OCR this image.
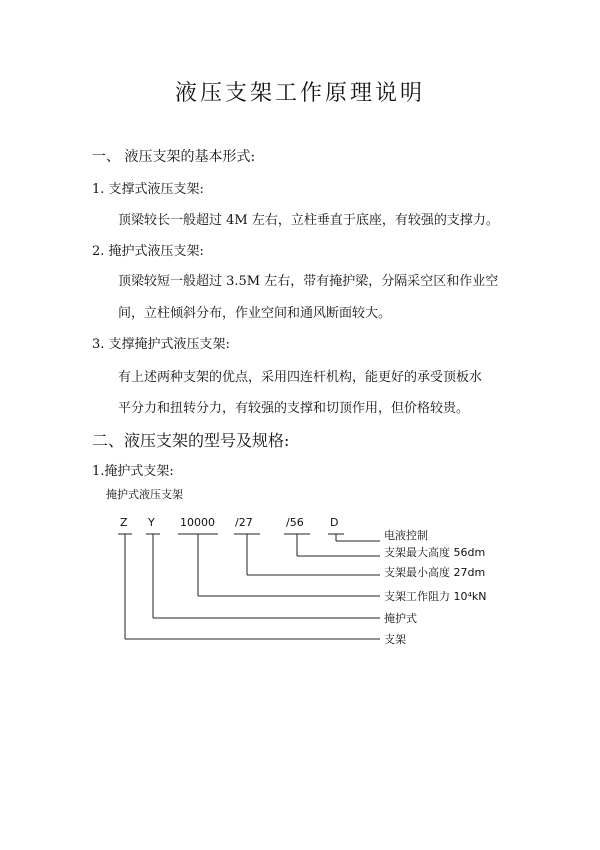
液压支架工作原理说明
一、 液压支架的基本形式:
1. 支撑式液压支架:
顶梁较长一般超过 4M 左右，立柱垂直于底座，有较强的支撑力。
2. 掩护式液压支架:
顶梁较短一般超过 3.5M 左右，带有掩护梁，分隔采空区和作业空
间，立柱倾斜分布，作业空间和通风断面较大。
3. 支撑掩护式液压支架:
有上述两种支架的优点，采用四连杆机构，能更好的承受顶板水
平分力和扭转分力，有较强的支撑和切顶作用，但价格较贵。
二、液压支架的型号及规格:
1.掩护式支架:
掩护式液压支架
Z Y 10000 /27	/56 D
电液控制
支架最大高度 56dm
支架最小高度 27dm
支架工作阻力 10⁴kN
掩护式
支架
